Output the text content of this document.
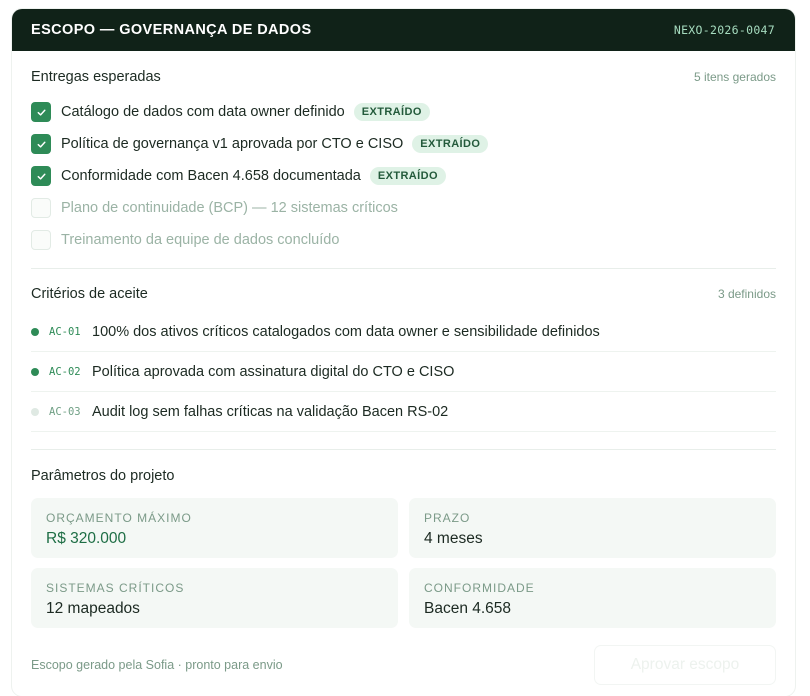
ESCOPO — GOVERNANÇA DE DADOS	NEXO-2026-0047
Entregas esperadas	5 itens gerados
Catálogo de dados com data owner definido	EXTRAÍDO
Política de governança v1 aprovada por CTO e CISO	EXTRAÍDO
Conformidade com Bacen 4.658 documentada	EXTRAÍDO
Plano de continuidade (BCP) — 12 sistemas críticos
Treinamento da equipe de dados concluído
Critérios de aceite	3 definidos
AC-01 100% dos ativos críticos catalogados com data owner e sensibilidade definidos
AC-02 Política aprovada com assinatura digital do CTO e CISO
AC-03 Audit log sem falhas críticas na validação Bacen RS-02
Parâmetros do projeto
ORÇAMENTO MÁXIMO
R$ 320.000
PRAZO
4 meses
SISTEMAS CRÍTICOS
12 mapeados
CONFORMIDADE
Bacen 4.658
Escopo gerado pela Sofia · pronto para envio	Aprovar escopo
